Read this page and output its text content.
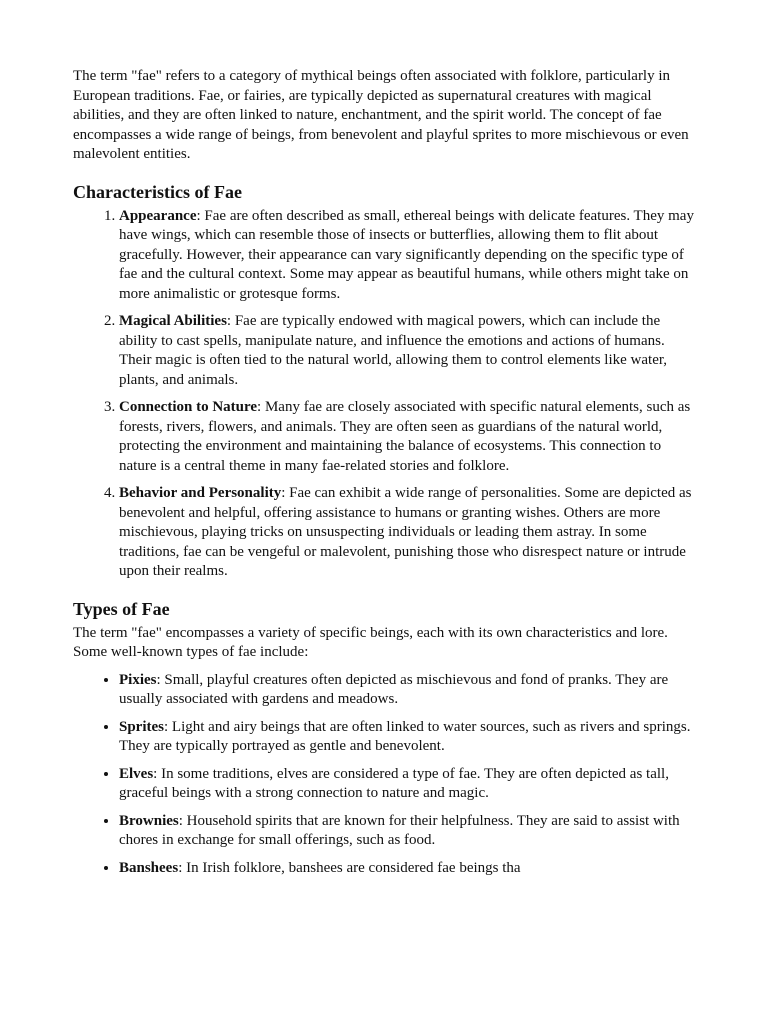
The term "fae" refers to a category of mythical beings often associated with folklore, particularly in European traditions. Fae, or fairies, are typically depicted as supernatural creatures with magical abilities, and they are often linked to nature, enchantment, and the spirit world. The concept of fae encompasses a wide range of beings, from benevolent and playful sprites to more mischievous or even malevolent entities.

Characteristics of Fae
1. Appearance: Fae are often described as small, ethereal beings with delicate features. They may have wings, which can resemble those of insects or butterflies, allowing them to flit about gracefully. However, their appearance can vary significantly depending on the specific type of fae and the cultural context. Some may appear as beautiful humans, while others might take on more animalistic or grotesque forms.
2. Magical Abilities: Fae are typically endowed with magical powers, which can include the ability to cast spells, manipulate nature, and influence the emotions and actions of humans. Their magic is often tied to the natural world, allowing them to control elements like water, plants, and animals.
3. Connection to Nature: Many fae are closely associated with specific natural elements, such as forests, rivers, flowers, and animals. They are often seen as guardians of the natural world, protecting the environment and maintaining the balance of ecosystems. This connection to nature is a central theme in many fae-related stories and folklore.
4. Behavior and Personality: Fae can exhibit a wide range of personalities. Some are depicted as benevolent and helpful, offering assistance to humans or granting wishes. Others are more mischievous, playing tricks on unsuspecting individuals or leading them astray. In some traditions, fae can be vengeful or malevolent, punishing those who disrespect nature or intrude upon their realms.
Types of Fae

The term "fae" encompasses a variety of specific beings, each with its own characteristics and lore. Some well-known types of fae include:

• Pixies: Small, playful creatures often depicted as mischievous and fond of pranks. They are usually associated with gardens and meadows.
• Sprites: Light and airy beings that are often linked to water sources, such as rivers and springs. They are typically portrayed as gentle and benevolent.
• Elves: In some traditions, elves are considered a type of fae. They are often depicted as tall, graceful beings with a strong connection to nature and magic.
• Brownies: Household spirits that are known for their helpfulness. They are said to assist with chores in exchange for small offerings, such as food.
• Banshees: In Irish folklore, banshees are considered fae beings tha
